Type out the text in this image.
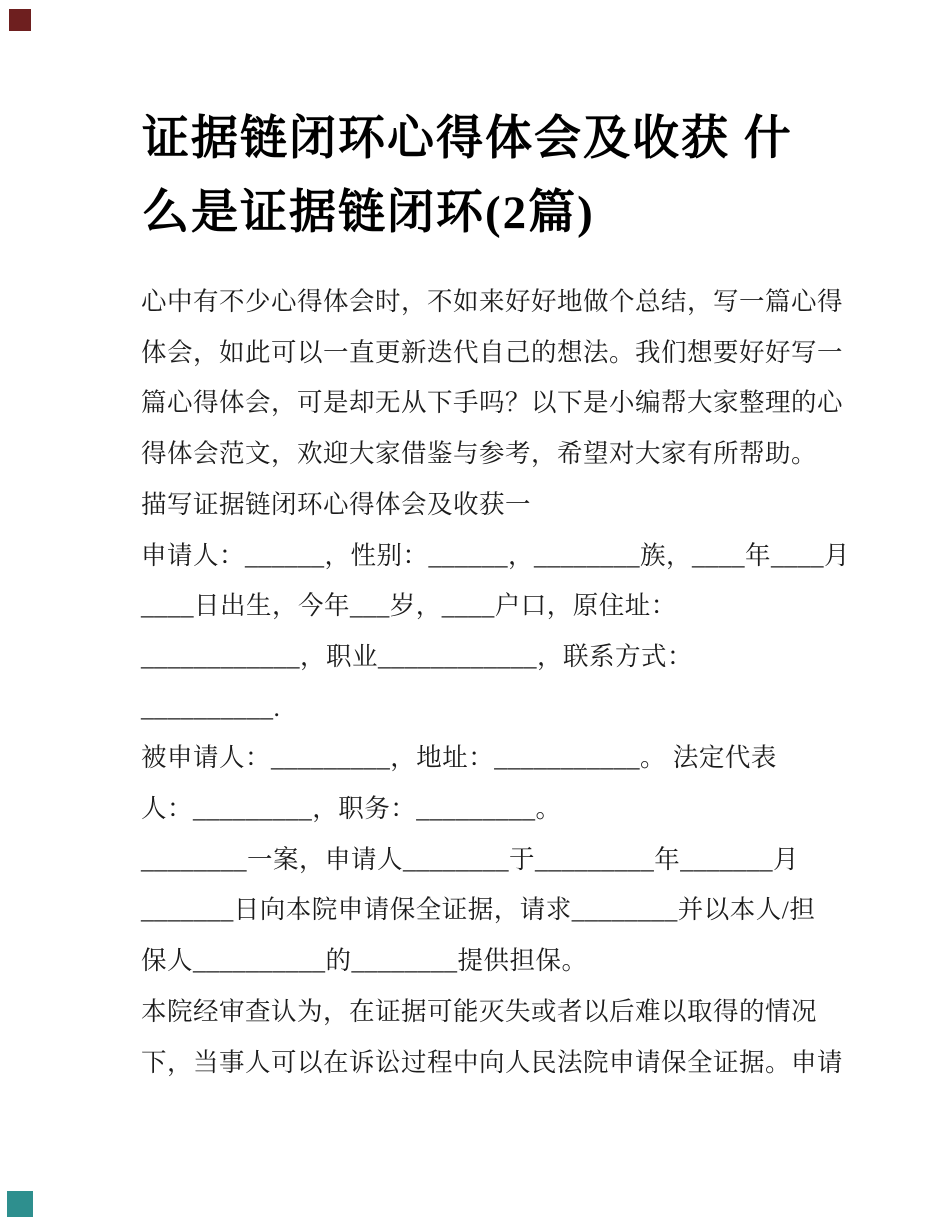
证据链闭环心得体会及收获 什
么是证据链闭环(2篇)
心中有不少心得体会时，不如来好好地做个总结，写一篇心得
体会，如此可以一直更新迭代自己的想法。我们想要好好写一
篇心得体会，可是却无从下手吗？以下是小编帮大家整理的心
得体会范文，欢迎大家借鉴与参考，希望对大家有所帮助。
描写证据链闭环心得体会及收获一
申请人：______，性别：______，________族，____年____月
____日出生，今年___岁，____户口，原住址：
____________，职业____________，联系方式：
__________.
被申请人：_________，地址：___________。 法定代表
人：_________，职务：_________。
________一案，申请人________于_________年_______月
_______日向本院申请保全证据，请求________并以本人/担
保人__________的________提供担保。
本院经审查认为，在证据可能灭失或者以后难以取得的情况
下，当事人可以在诉讼过程中向人民法院申请保全证据。申请
